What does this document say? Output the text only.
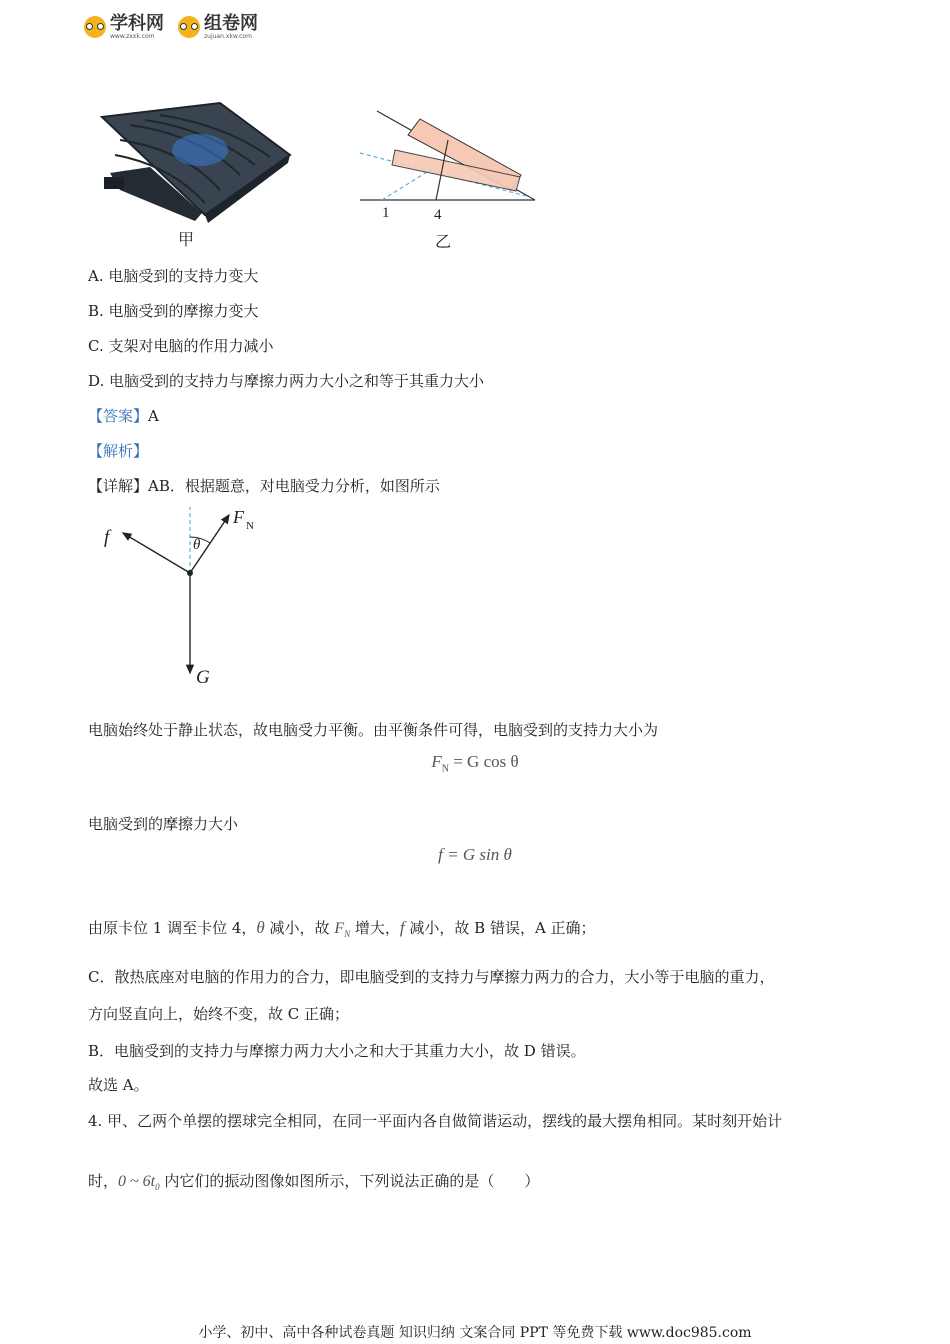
学科网
www.zxxk.com
组卷网
zujuan.xkw.com
1	4
甲	乙
A. 电脑受到的支持力变大
B. 电脑受到的摩擦力变大
C. 支架对电脑的作用力减小
D. 电脑受到的支持力与摩擦力两力大小之和等于其重力大小
【答案】A
【解析】
【详解】AB．根据题意，对电脑受力分析，如图所示
f
F N
θ
G
电脑始终处于静止状态，故电脑受力平衡。由平衡条件可得，电脑受到的支持力大小为
$F_N = G$ cos θ
电脑受到的摩擦力大小
f = G sin θ
由原卡位 1 调至卡位 4，θ 减小，故 $F_N$ 增大，f 减小，故 B 错误，A 正确；
C．散热底座对电脑的作用力的合力，即电脑受到的支持力与摩擦力两力的合力，大小等于电脑的重力，
方向竖直向上，始终不变，故 C 正确；
B．电脑受到的支持力与摩擦力两力大小之和大于其重力大小，故 D 错误。
故选 A。
4. 甲、乙两个单摆的摆球完全相同，在同一平面内各自做简谐运动，摆线的最大摆角相同。某时刻开始计
时，0 ~ $6t_0$ 内它们的振动图像如图所示，下列说法正确的是（　　）
小学、初中、高中各种试卷真题 知识归纳 文案合同 PPT 等免费下载 www.doc985.com
